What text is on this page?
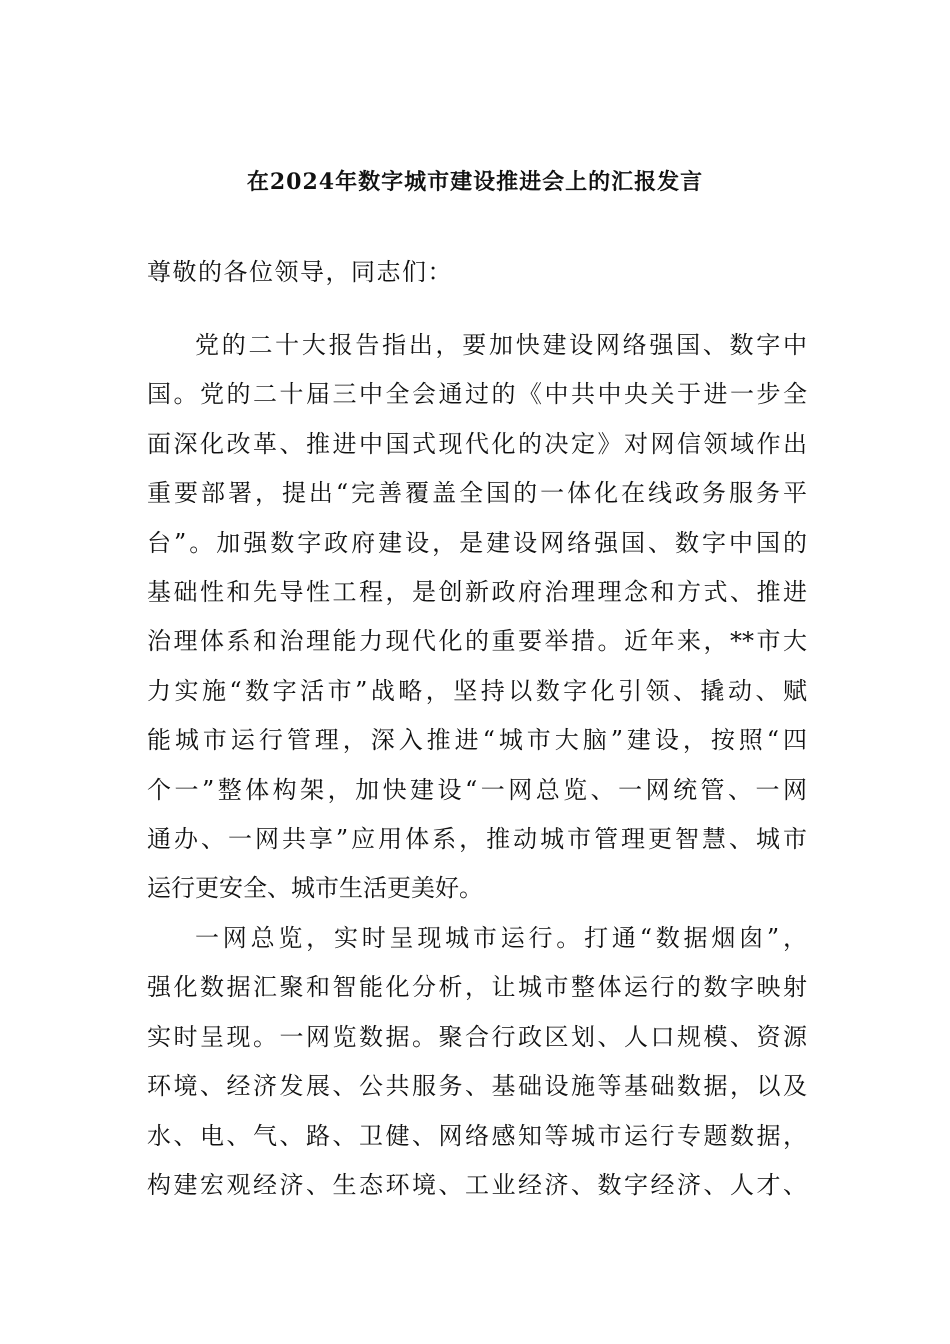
在2024年数字城市建设推进会上的汇报发言
尊敬的各位领导，同志们：
党的二十大报告指出，要加快建设网络强国、数字中
国。党的二十届三中全会通过的《中共中央关于进一步全
面深化改革、推进中国式现代化的决定》对网信领域作出
重要部署，提出“完善覆盖全国的一体化在线政务服务平
台”。加强数字政府建设，是建设网络强国、数字中国的
基础性和先导性工程，是创新政府治理理念和方式、推进
治理体系和治理能力现代化的重要举措。近年来，**市大
力实施“数字活市”战略，坚持以数字化引领、撬动、赋
能城市运行管理，深入推进“城市大脑”建设，按照“四
个一”整体构架，加快建设“一网总览、一网统管、一网
通办、一网共享”应用体系，推动城市管理更智慧、城市
运行更安全、城市生活更美好。
一网总览，实时呈现城市运行。打通“数据烟囱”，
强化数据汇聚和智能化分析，让城市整体运行的数字映射
实时呈现。一网览数据。聚合行政区划、人口规模、资源
环境、经济发展、公共服务、基础设施等基础数据，以及
水、电、气、路、卫健、网络感知等城市运行专题数据，
构建宏观经济、生态环境、工业经济、数字经济、人才、
